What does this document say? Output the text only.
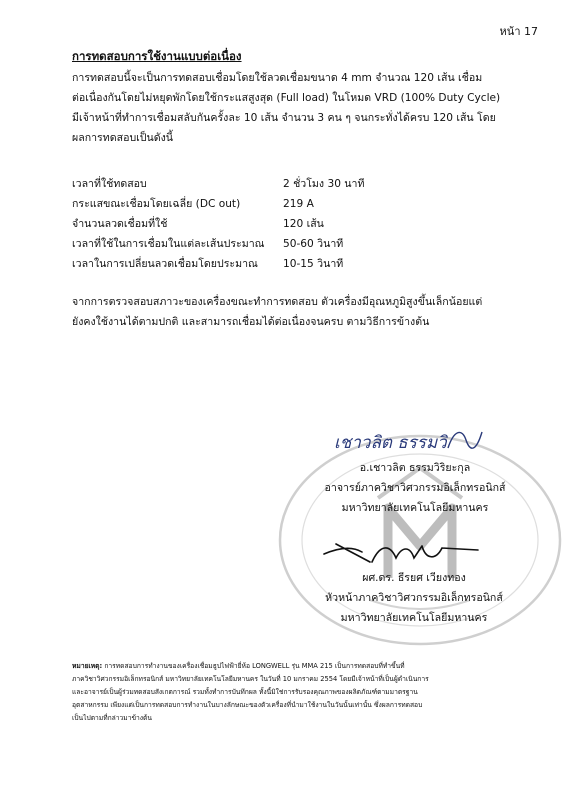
หน้า 17
การทดสอบการใช้งานแบบต่อเนื่อง

การทดสอบนี้จะเป็นการทดสอบเชื่อมโดยใช้ลวดเชื่อมขนาด 4 mm จำนวณ 120 เส้น เชื่อม

ต่อเนื่องกันโดยไม่หยุดพักโดยใช้กระแสสูงสุด (Full load) ในโหมด VRD (100% Duty Cycle)

มีเจ้าหน้าที่ทำการเชื่อมสลับกันครั้งละ 10 เส้น จำนวน 3 คน ๆ จนกระทั่งได้ครบ 120 เส้น โดย

ผลการทดสอบเป็นดังนี้

เวลาที่ใช้ทดสอบ	2 ชั่วโมง 30 นาที
กระแสขณะเชื่อมโดยเฉลี่ย (DC out)	219 A
จำนวนลวดเชื่อมที่ใช้	120 เส้น
เวลาที่ใช้ในการเชื่อมในแต่ละเส้นประมาณ 50-60 วินาที
เวลาในการเปลี่ยนลวดเชื่อมโดยประมาณ 10-15 วินาที

จากการตรวจสอบสภาวะของเครื่องขณะทำการทดสอบ ตัวเครื่องมีอุณหภูมิสูงขึ้นเล็กน้อยแต่

ยังคงใช้งานได้ตามปกติ และสามารถเชื่อมได้ต่อเนื่องจนครบ ตามวิธีการข้างต้น

เชาวลิต ธรรมวิ

อ.เชาวลิต ธรรมวิริยะกุล

อาจารย์ภาควิชาวิศวกรรมอิเล็กทรอนิกส์

มหาวิทยาลัยเทคโนโลยีมหานคร

ผศ.ดร. ธีรยศ เวียงทอง

หัวหน้าภาควิชาวิศวกรรมอิเล็กทรอนิกส์

มหาวิทยาลัยเทคโนโลยีมหานคร

หมายเหตุ: การทดสอบการทำงานของเครื่องเชื่อมธูปไฟฟ้ายี่ห้อ LONGWELL รุ่น MMA 215 เป็นการทดสอบที่ทำขึ้นที่

ภาควิชาวิศวกรรมอิเล็กทรอนิกส์ มหาวิทยาลัยเทคโนโลยีมหานคร ในวันที่ 10 มกราคม 2554 โดยมีเจ้าหน้าที่เป็นผู้ดำเนินการ

และอาจารย์เป็นผู้ร่วมทดสอบสังเกตการณ์ รวมทั้งทำการบันทึกผล ทั้งนี้มิใช่การรับรองคุณภาพของผลิตภัณฑ์ตามมาตรฐาน

อุตสาหกรรม เพียงแต่เป็นการทดสอบการทำงานในบางลักษณะของตัวเครื่องที่นำมาใช้งานในวันนั้นเท่านั้น ซึ่งผลการทดสอบ

เป็นไปตามที่กล่าวมาข้างต้น
